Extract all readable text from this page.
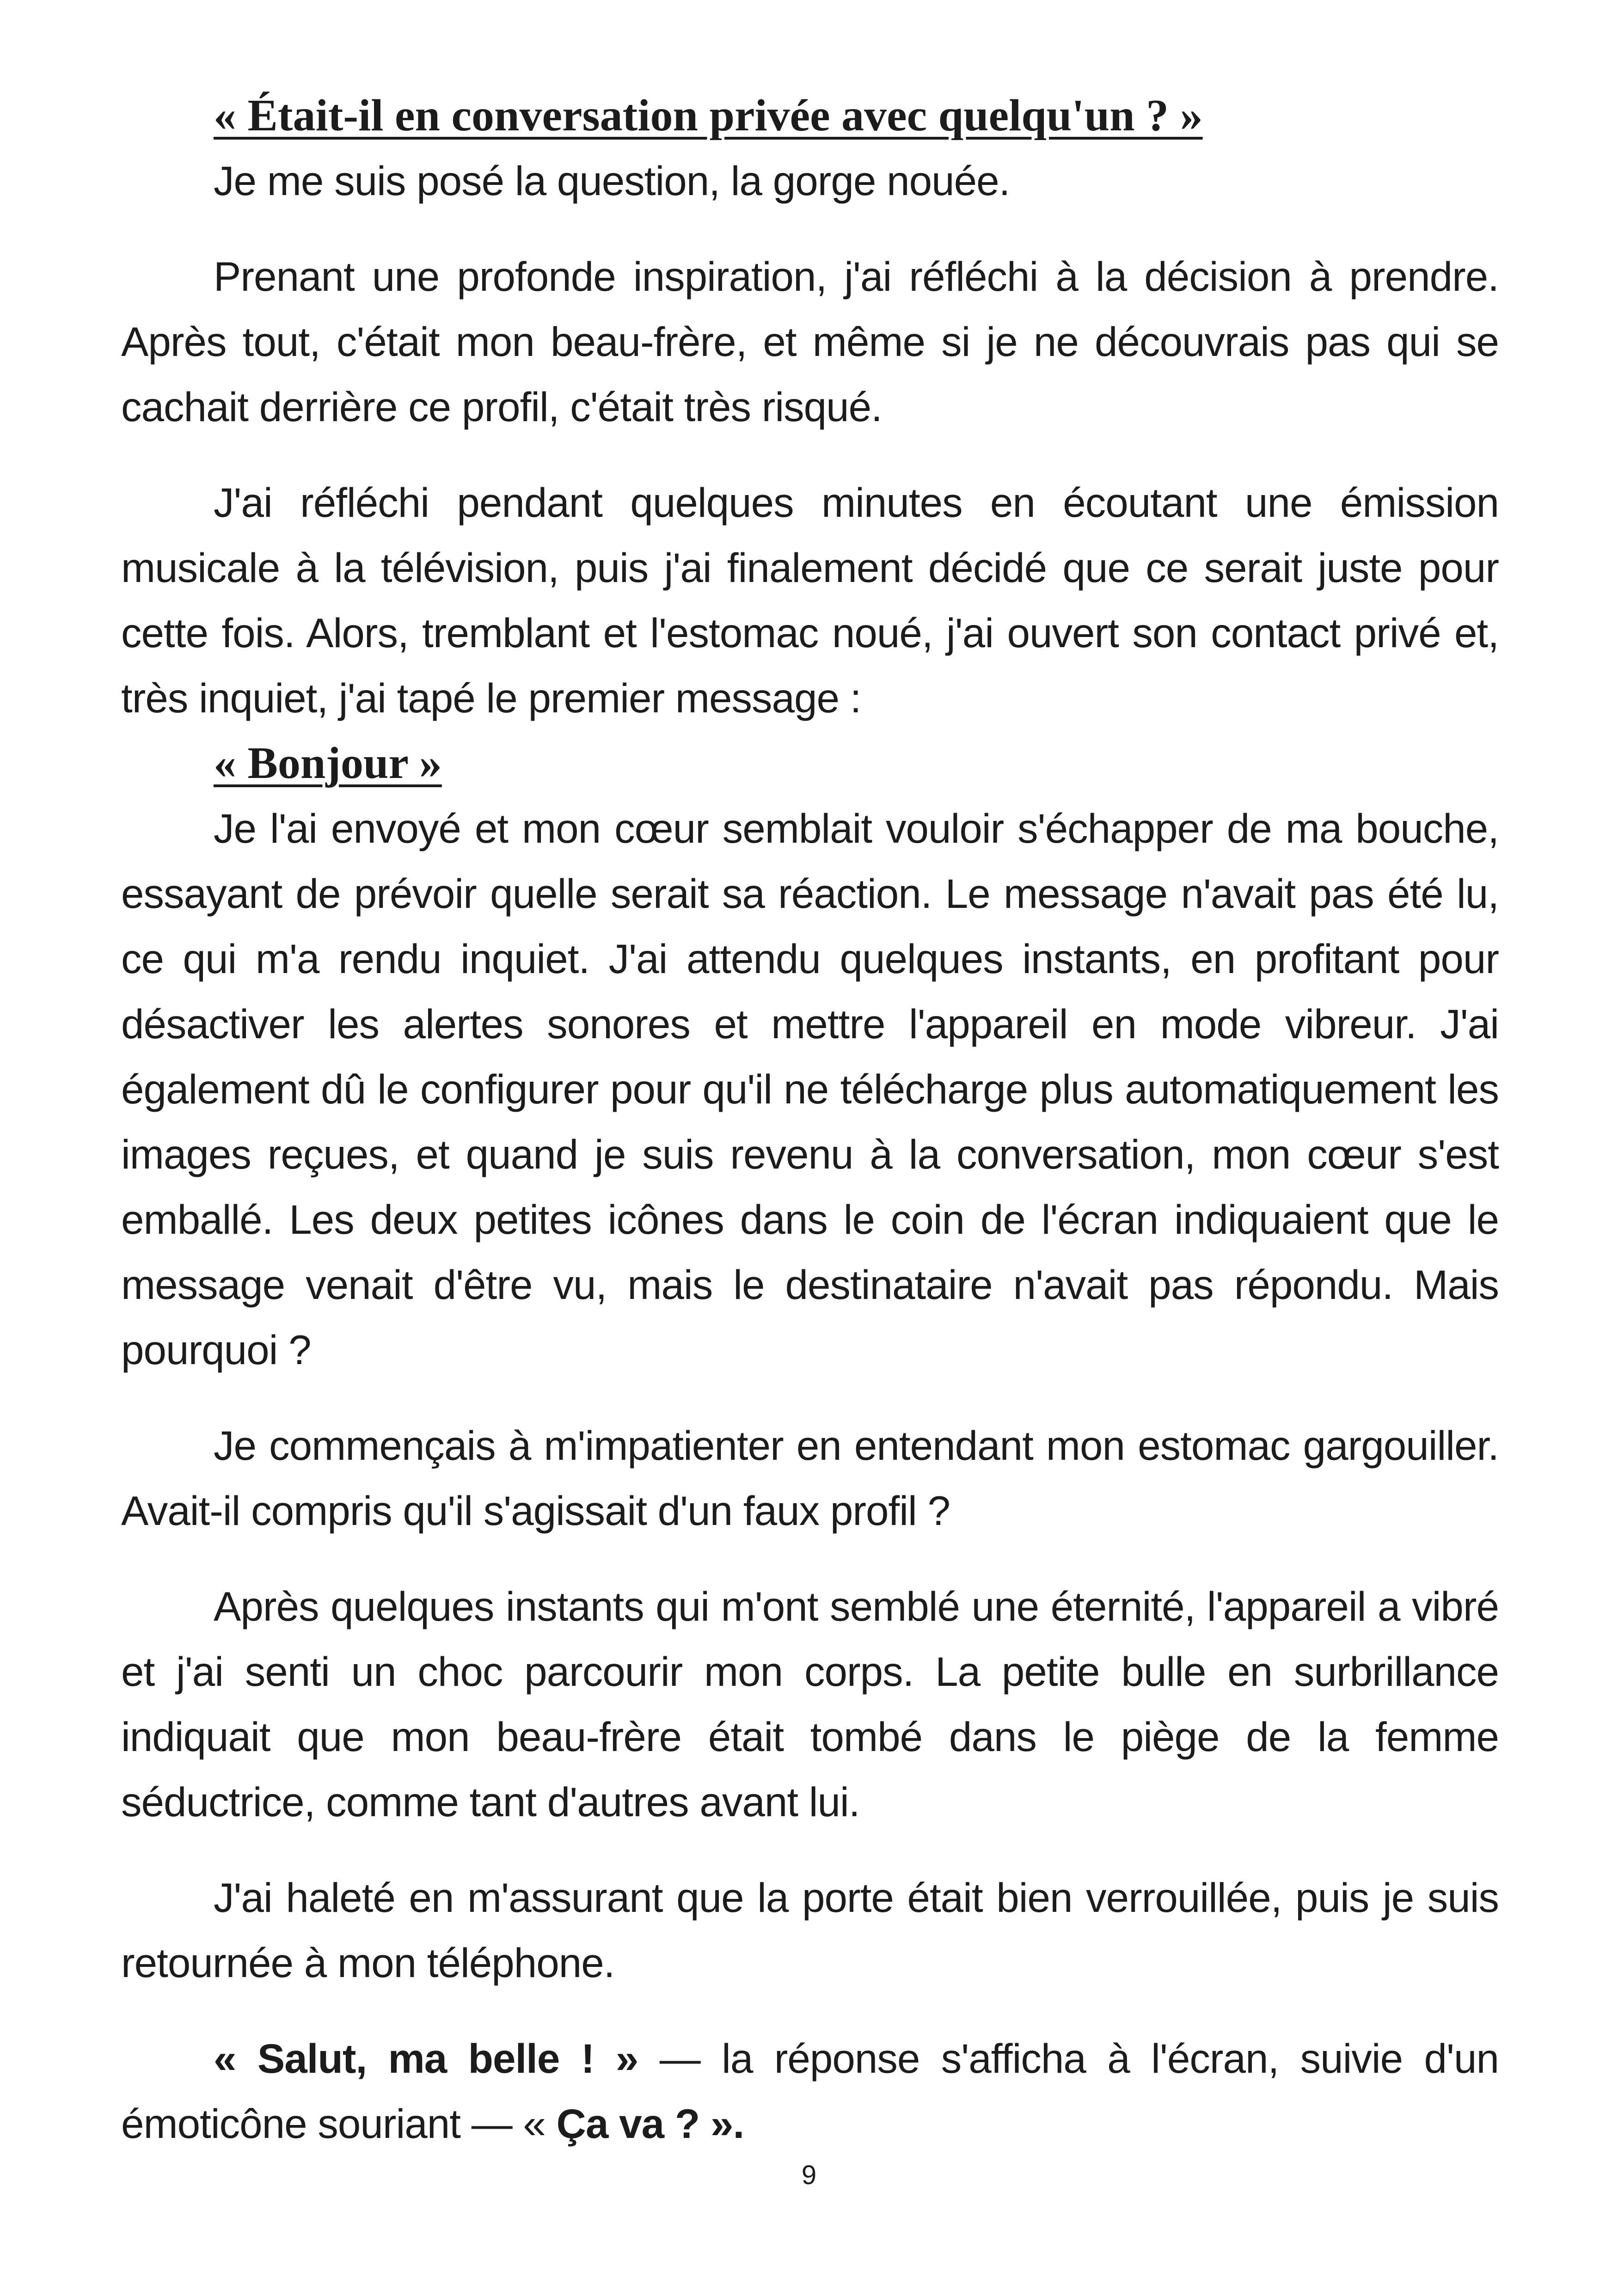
« Était-il en conversation privée avec quelqu'un ? »

Je me suis posé la question, la gorge nouée.

Prenant une profonde inspiration, j'ai réfléchi à la décision à prendre. Après tout, c'était mon beau-frère, et même si je ne découvrais pas qui se cachait derrière ce profil, c'était très risqué.

J'ai réfléchi pendant quelques minutes en écoutant une émission musicale à la télévision, puis j'ai finalement décidé que ce serait juste pour cette fois. Alors, tremblant et l'estomac noué, j'ai ouvert son contact privé et, très inquiet, j'ai tapé le premier message :

« Bonjour »

Je l'ai envoyé et mon cœur semblait vouloir s'échapper de ma bouche, essayant de prévoir quelle serait sa réaction. Le message n'avait pas été lu, ce qui m'a rendu inquiet. J'ai attendu quelques instants, en profitant pour désactiver les alertes sonores et mettre l'appareil en mode vibreur. J'ai également dû le configurer pour qu'il ne télécharge plus automatiquement les images reçues, et quand je suis revenu à la conversation, mon cœur s'est emballé. Les deux petites icônes dans le coin de l'écran indiquaient que le message venait d'être vu, mais le destinataire n'avait pas répondu. Mais pourquoi ?

Je commençais à m'impatienter en entendant mon estomac gargouiller. Avait-il compris qu'il s'agissait d'un faux profil ?

Après quelques instants qui m'ont semblé une éternité, l'appareil a vibré et j'ai senti un choc parcourir mon corps. La petite bulle en surbrillance indiquait que mon beau-frère était tombé dans le piège de la femme séductrice, comme tant d'autres avant lui.

J'ai haleté en m'assurant que la porte était bien verrouillée, puis je suis retournée à mon téléphone.

« Salut, ma belle ! » — la réponse s'afficha à l'écran, suivie d'un émoticône souriant — « Ça va ? ».

9
